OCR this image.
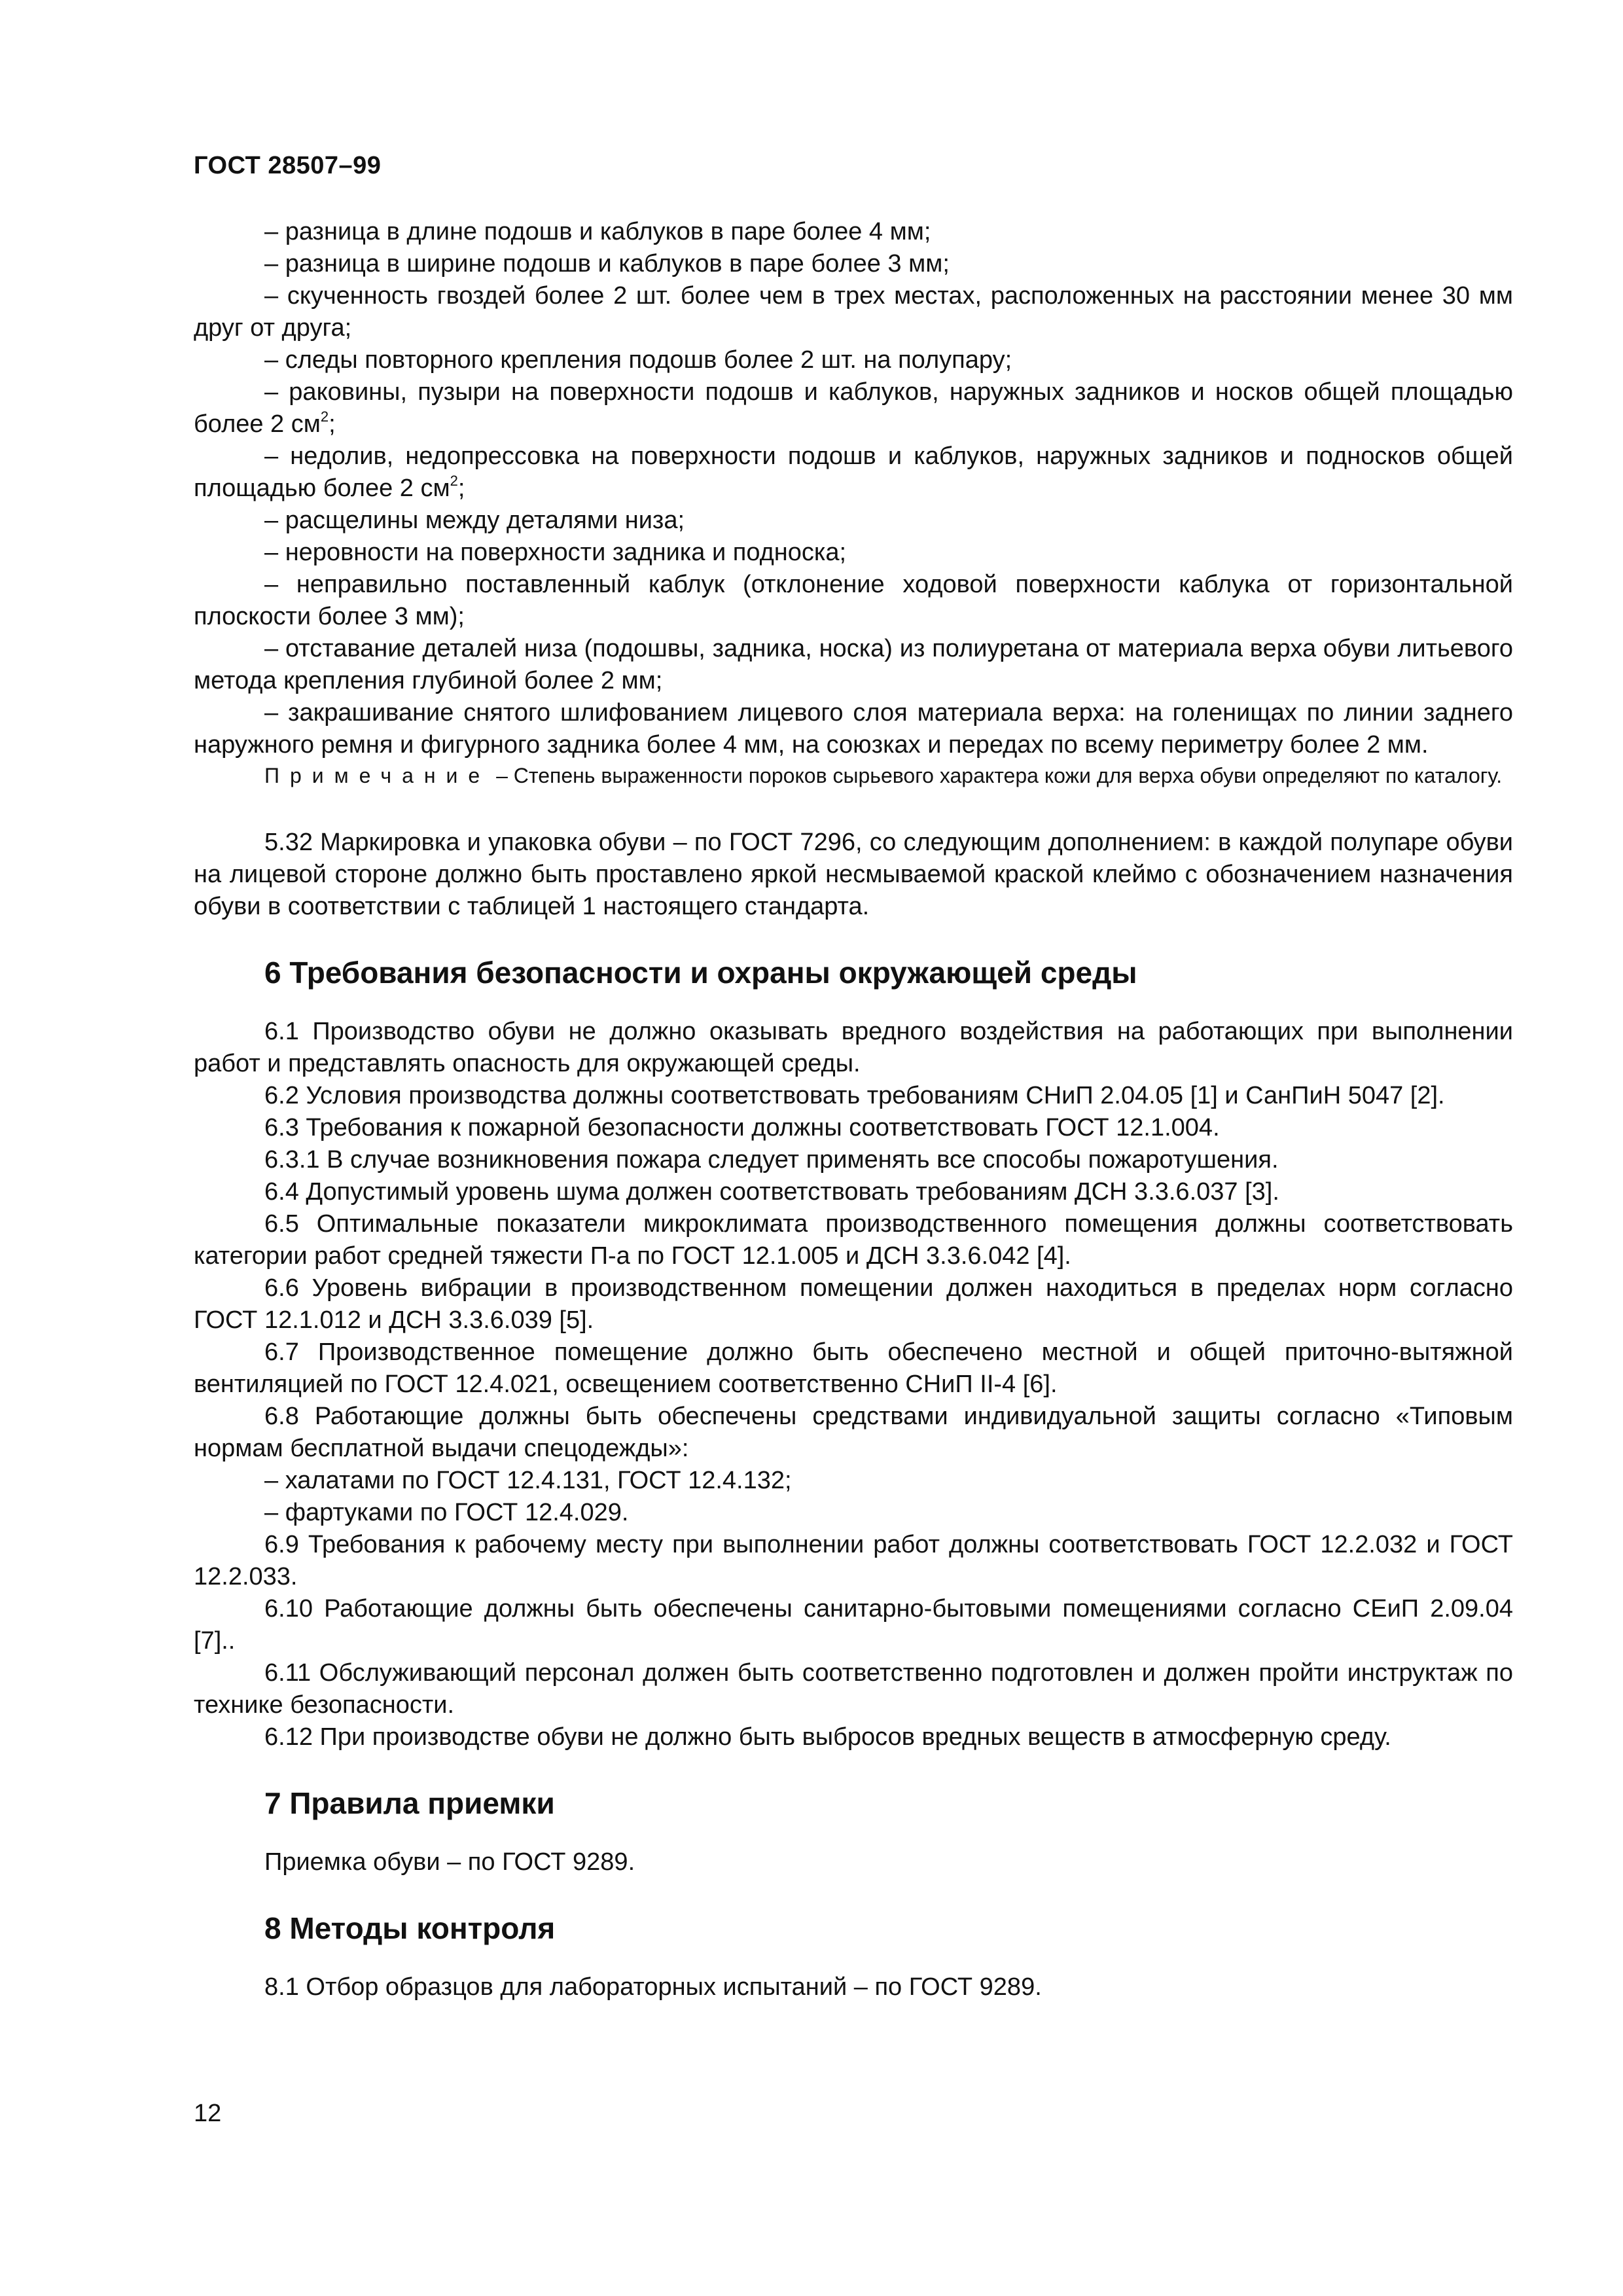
ГОСТ 28507–99

– разница в длине подошв и каблуков в паре более 4 мм;

– разница в ширине подошв и каблуков в паре более 3 мм;

– скученность гвоздей более 2 шт. более чем в трех местах, расположенных на расстоянии менее 30 мм друг от друга;

– следы повторного крепления подошв более 2 шт. на полупару;

– раковины, пузыри на поверхности подошв и каблуков, наружных задников и носков общей площадью более 2 $см^2$;

– недолив, недопрессовка на поверхности подошв и каблуков, наружных задников и подносков общей площадью более 2 $см^2$;

– расщелины между деталями низа;

– неровности на поверхности задника и подноска;

– неправильно поставленный каблук (отклонение ходовой поверхности каблука от горизонтальной плоскости более 3 мм);

– отставание деталей низа (подошвы, задника, носка) из полиуретана от материала верха обуви литьевого метода крепления глубиной более 2 мм;

– закрашивание снятого шлифованием лицевого слоя материала верха: на голенищах по линии заднего наружного ремня и фигурного задника более 4 мм, на союзках и передах по всему периметру более 2 мм.

Примечание – Степень выраженности пороков сырьевого характера кожи для верха обуви определяют по каталогу.

5.32 Маркировка и упаковка обуви – по ГОСТ 7296, со следующим дополнением: в каждой полупаре обуви на лицевой стороне должно быть проставлено яркой несмываемой краской клеймо с обозначением назначения обуви в соответствии с таблицей 1 настоящего стандарта.

6 Требования безопасности и охраны окружающей среды

6.1 Производство обуви не должно оказывать вредного воздействия на работающих при выполнении работ и представлять опасность для окружающей среды.

6.2 Условия производства должны соответствовать требованиям СНиП 2.04.05 [1] и СанПиН 5047 [2].

6.3 Требования к пожарной безопасности должны соответствовать ГОСТ 12.1.004.

6.3.1 В случае возникновения пожара следует применять все способы пожаротушения.

6.4 Допустимый уровень шума должен соответствовать требованиям ДСН 3.3.6.037 [3].

6.5 Оптимальные показатели микроклимата производственного помещения должны соответствовать категории работ средней тяжести П-а по ГОСТ 12.1.005 и ДСН 3.3.6.042 [4].

6.6 Уровень вибрации в производственном помещении должен находиться в пределах норм согласно ГОСТ 12.1.012 и ДСН 3.3.6.039 [5].

6.7 Производственное помещение должно быть обеспечено местной и общей приточно-вытяжной вентиляцией по ГОСТ 12.4.021, освещением соответственно СНиП II-4 [6].

6.8 Работающие должны быть обеспечены средствами индивидуальной защиты согласно «Типовым нормам бесплатной выдачи спецодежды»:

– халатами по ГОСТ 12.4.131, ГОСТ 12.4.132;

– фартуками по ГОСТ 12.4.029.

6.9 Требования к рабочему месту при выполнении работ должны соответствовать ГОСТ 12.2.032 и ГОСТ 12.2.033.

6.10 Работающие должны быть обеспечены санитарно-бытовыми помещениями согласно СЕиП 2.09.04 [7]..

6.11 Обслуживающий персонал должен быть соответственно подготовлен и должен пройти инструктаж по технике безопасности.

6.12 При производстве обуви не должно быть выбросов вредных веществ в атмосферную среду.

7 Правила приемки

Приемка обуви – по ГОСТ 9289.

8 Методы контроля

8.1 Отбор образцов для лабораторных испытаний – по ГОСТ 9289.

12
